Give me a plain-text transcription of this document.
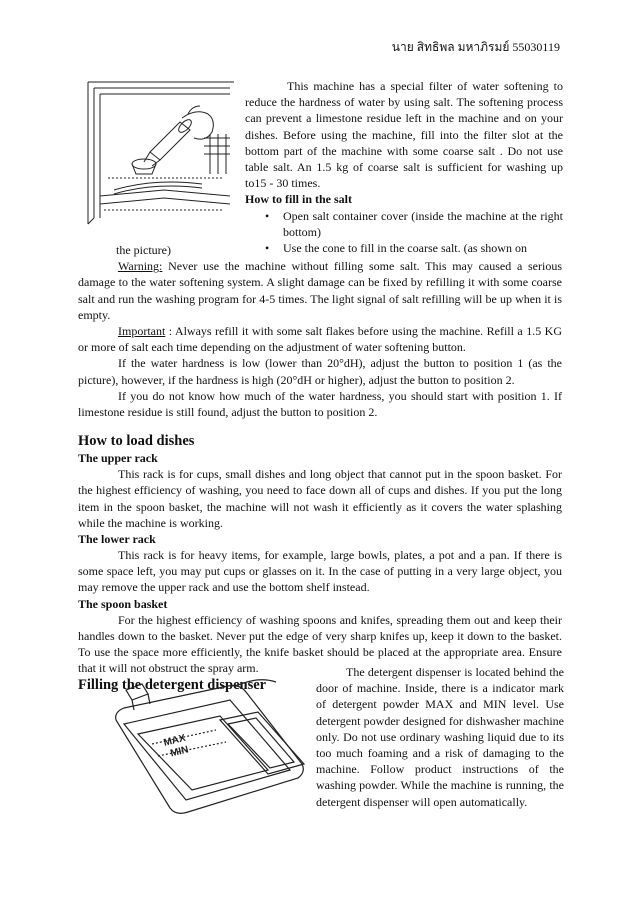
นาย สิทธิพล มหาภิรมย์ 55030119

This machine has a special filter of water softening to reduce the hardness of water by using salt. The softening process can prevent a limestone residue left in the machine and on your dishes. Before using the machine, fill into the filter slot at the bottom part of the machine with some coarse salt . Do not use table salt. An 1.5 kg of coarse salt is sufficient for washing up to15 - 30 times.

How to fill in the salt

• Open salt container cover (inside the machine at the right bottom)
• Use the cone to fill in the coarse salt. (as shown on

the picture)

Warning: Never use the machine without filling some salt. This may caused a serious damage to the water softening system. A slight damage can be fixed by refilling it with some coarse salt and run the washing program for 4-5 times. The light signal of salt refilling will be up when it is empty.

Important : Always refill it with some salt flakes before using the machine. Refill a 1.5 KG or more of salt each time depending on the adjustment of water softening button.

If the water hardness is low (lower than 20°dH), adjust the button to position 1 (as the picture), however, if the hardness is high (20°dH or higher), adjust the button to position 2.

If you do not know how much of the water hardness, you should start with position 1. If limestone residue is still found, adjust the button to position 2.

How to load dishes

The upper rack

This rack is for cups, small dishes and long object that cannot put in the spoon basket. For the highest efficiency of washing, you need to face down all of cups and dishes. If you put the long item in the spoon basket, the machine will not wash it efficiently as it covers the water splashing while the machine is working.

The lower rack

This rack is for heavy items, for example, large bowls, plates, a pot and a pan. If there is some space left, you may put cups or glasses on it. In the case of putting in a very large object, you may remove the upper rack and use the bottom shelf instead.

The spoon basket

For the highest efficiency of washing spoons and knifes, spreading them out and keep their handles down to the basket. Never put the edge of very sharp knifes up, keep it down to the basket. To use the space more efficiently, the knife basket should be placed at the appropriate area. Ensure that it will not obstruct the spray arm.

Filling the detergent dispenser
MAX
MIN

The detergent dispenser is located behind the door of machine. Inside, there is a indicator mark of detergent powder MAX and MIN level. Use detergent powder designed for dishwasher machine only. Do not use ordinary washing liquid due to its too much foaming and a risk of damaging to the machine. Follow product instructions of the washing powder. While the machine is running, the detergent dispenser will open automatically.
